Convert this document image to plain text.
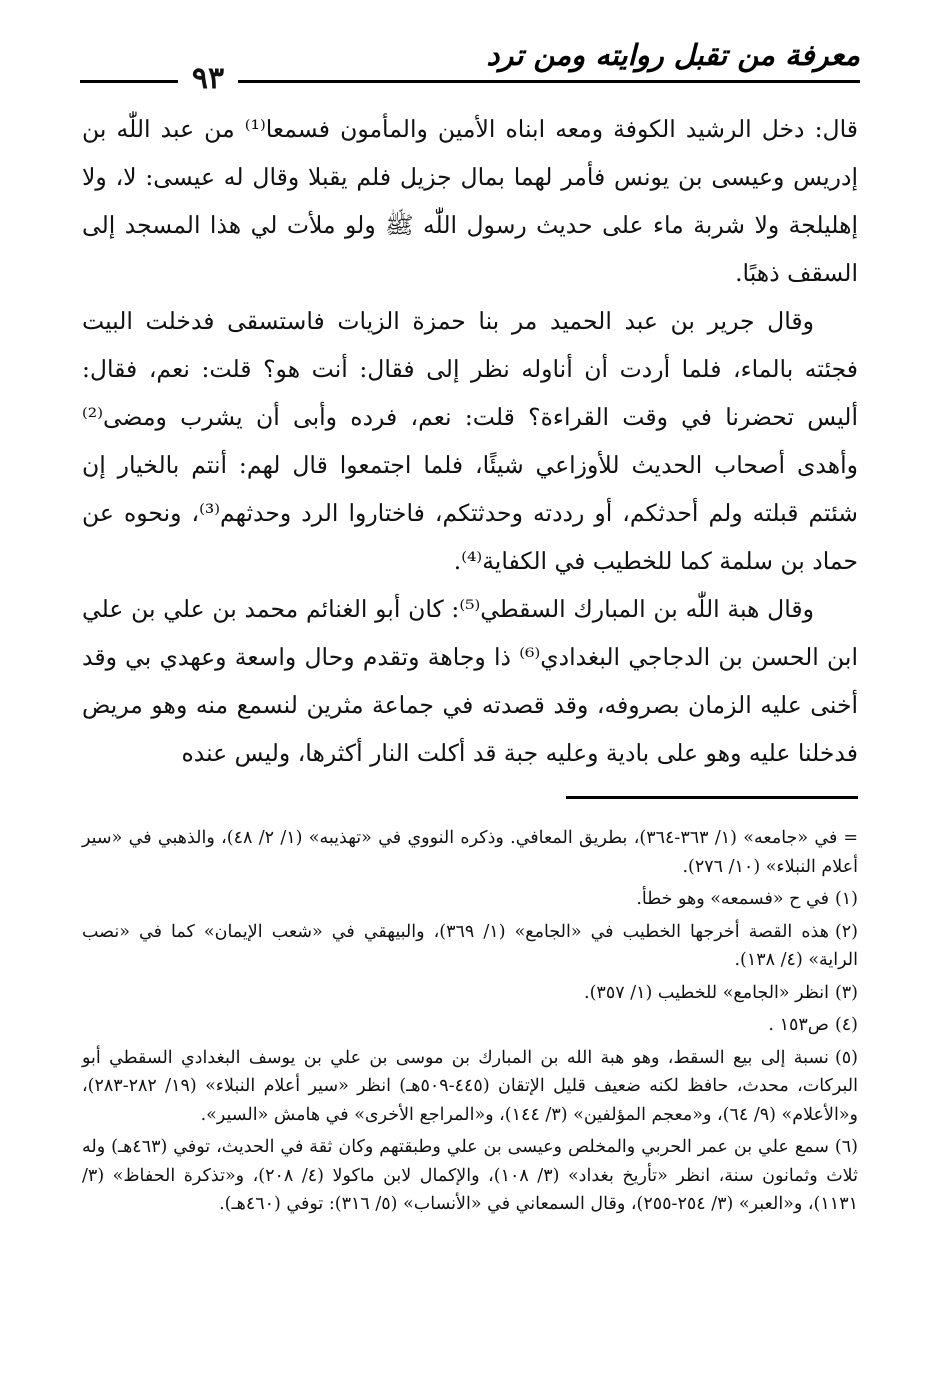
معرفة من تقبل روايته ومن ترد
٩٣

قال: دخل الرشيد الكوفة ومعه ابناه الأمين والمأمون فسمعا⁽¹⁾ من عبد اللّٰه بن إدريس وعيسى بن يونس فأمر لهما بمال جزيل فلم يقبلا وقال له عيسى: لا، ولا إهليلجة ولا شربة ماء على حديث رسول اللّٰه ﷺ ولو ملأت لي هذا المسجد إلى السقف ذهبًا.

وقال جرير بن عبد الحميد مر بنا حمزة الزيات فاستسقى فدخلت البيت فجئته بالماء، فلما أردت أن أناوله نظر إلى فقال: أنت هو؟ قلت: نعم، فقال: أليس تحضرنا في وقت القراءة؟ قلت: نعم، فرده وأبى أن يشرب ومضى⁽²⁾ وأهدى أصحاب الحديث للأوزاعي شيئًا، فلما اجتمعوا قال لهم: أنتم بالخيار إن شئتم قبلته ولم أحدثكم، أو رددته وحدثتكم، فاختاروا الرد وحدثهم⁽³⁾، ونحوه عن حماد بن سلمة كما للخطيب في الكفاية⁽⁴⁾.

وقال هبة اللّٰه بن المبارك السقطي⁽⁵⁾: كان أبو الغنائم محمد بن علي بن علي ابن الحسن بن الدجاجي البغدادي⁽⁶⁾ ذا وجاهة وتقدم وحال واسعة وعهدي بي وقد أخنى عليه الزمان بصروفه، وقد قصدته في جماعة مثرين لنسمع منه وهو مريض فدخلنا عليه وهو على بادية وعليه جبة قد أكلت النار أكثرها، وليس عنده

=في «جامعه» (١/ ٣٦٣-٣٦٤)، بطريق المعافي. وذكره النووي في «تهذيبه» (١/ ٢/ ٤٨)، والذهبي في «سير أعلام النبلاء» (١٠/ ٢٧٦).

(١)في ح «فسمعه» وهو خطأ.

(٢)هذه القصة أخرجها الخطيب في «الجامع» (١/ ٣٦٩)، والبيهقي في «شعب الإيمان» كما في «نصب الراية» (٤/ ١٣٨).

(٣)انظر «الجامع» للخطيب (١/ ٣٥٧).

(٤)ص١٥٣ .

(٥)نسبة إلى بيع السقط، وهو هبة الله بن المبارك بن موسى بن علي بن يوسف البغدادي السقطي أبو البركات، محدث، حافظ لكنه ضعيف قليل الإتقان (٤٤٥-٥٠٩هـ) انظر «سير أعلام النبلاء» (١٩/ ٢٨٢-٢٨٣)، و«الأعلام» (٩/ ٦٤)، و«معجم المؤلفين» (٣/ ١٤٤)، و«المراجع الأخرى» في هامش «السير».

(٦)سمع علي بن عمر الحربي والمخلص وعيسى بن علي وطبقتهم وكان ثقة في الحديث، توفي (٤٦٣هـ) وله ثلاث وثمانون سنة، انظر «تأريخ بغداد» (٣/ ١٠٨)، والإكمال لابن ماكولا (٤/ ٢٠٨)، و«تذكرة الحفاظ» (٣/ ١١٣١)، و«العبر» (٣/ ٢٥٤-٢٥٥)، وقال السمعاني في «الأنساب» (٥/ ٣١٦): توفي (٤٦٠هـ).
